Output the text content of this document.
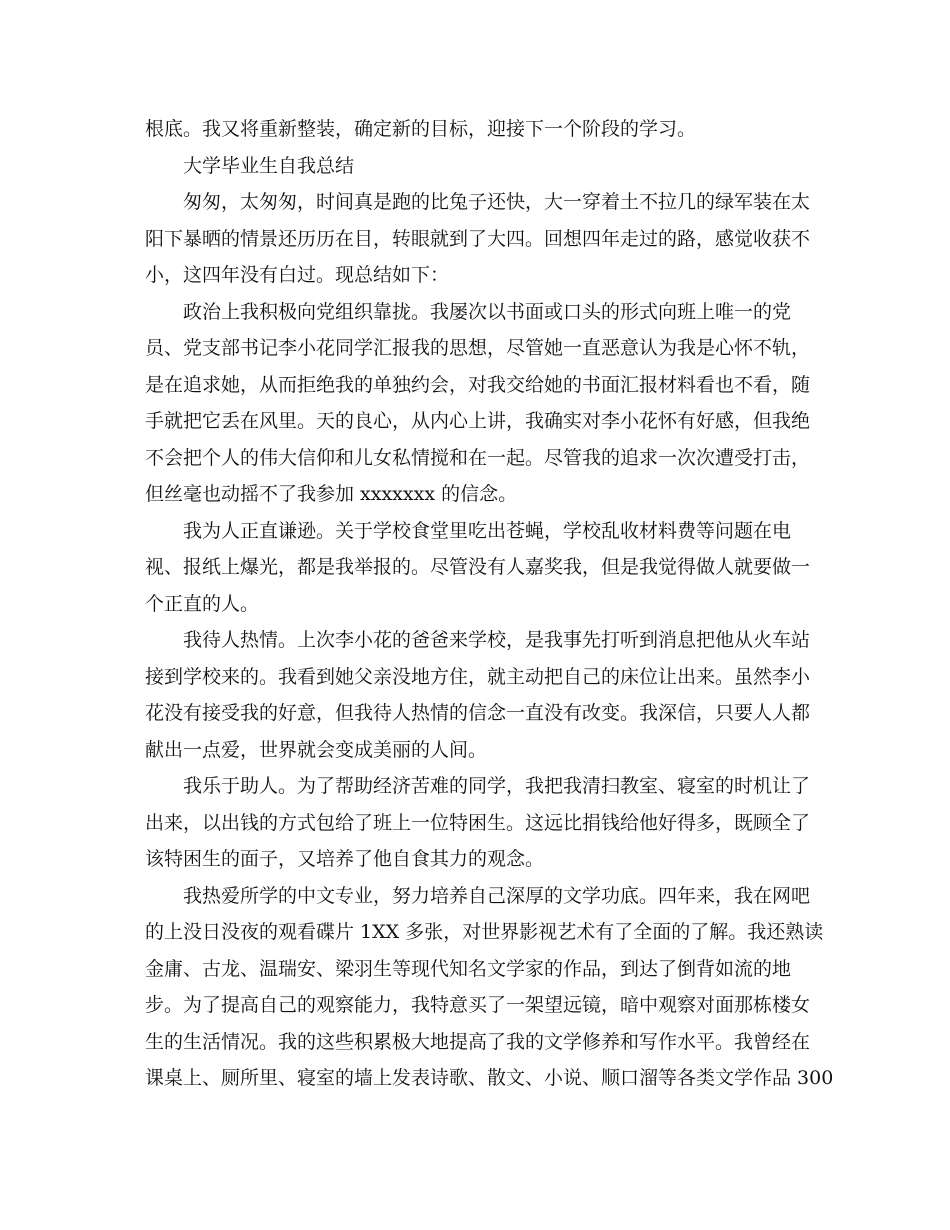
根底。我又将重新整装，确定新的目标，迎接下一个阶段的学习。
大学毕业生自我总结
匆匆，太匆匆，时间真是跑的比兔子还快，大一穿着土不拉几的绿军装在太
阳下暴晒的情景还历历在目，转眼就到了大四。回想四年走过的路，感觉收获不
小，这四年没有白过。现总结如下：
政治上我积极向党组织靠拢。我屡次以书面或口头的形式向班上唯一的党
员、党支部书记李小花同学汇报我的思想，尽管她一直恶意认为我是心怀不轨，
是在追求她，从而拒绝我的单独约会，对我交给她的书面汇报材料看也不看，随
手就把它丢在风里。天的良心，从内心上讲，我确实对李小花怀有好感，但我绝
不会把个人的伟大信仰和儿女私情搅和在一起。尽管我的追求一次次遭受打击，
但丝毫也动摇不了我参加 xxxxxxx 的信念。
我为人正直谦逊。关于学校食堂里吃出苍蝇，学校乱收材料费等问题在电
视、报纸上爆光，都是我举报的。尽管没有人嘉奖我，但是我觉得做人就要做一
个正直的人。
我待人热情。上次李小花的爸爸来学校，是我事先打听到消息把他从火车站
接到学校来的。我看到她父亲没地方住，就主动把自己的床位让出来。虽然李小
花没有接受我的好意，但我待人热情的信念一直没有改变。我深信，只要人人都
献出一点爱，世界就会变成美丽的人间。
我乐于助人。为了帮助经济苦难的同学，我把我清扫教室、寝室的时机让了
出来，以出钱的方式包给了班上一位特困生。这远比捐钱给他好得多，既顾全了
该特困生的面子，又培养了他自食其力的观念。
我热爱所学的中文专业，努力培养自己深厚的文学功底。四年来，我在网吧
的上没日没夜的观看碟片 1XX 多张，对世界影视艺术有了全面的了解。我还熟读
金庸、古龙、温瑞安、梁羽生等现代知名文学家的作品，到达了倒背如流的地
步。为了提高自己的观察能力，我特意买了一架望远镜，暗中观察对面那栋楼女
生的生活情况。我的这些积累极大地提高了我的文学修养和写作水平。我曾经在
课桌上、厕所里、寝室的墙上发表诗歌、散文、小说、顺口溜等各类文学作品 300
